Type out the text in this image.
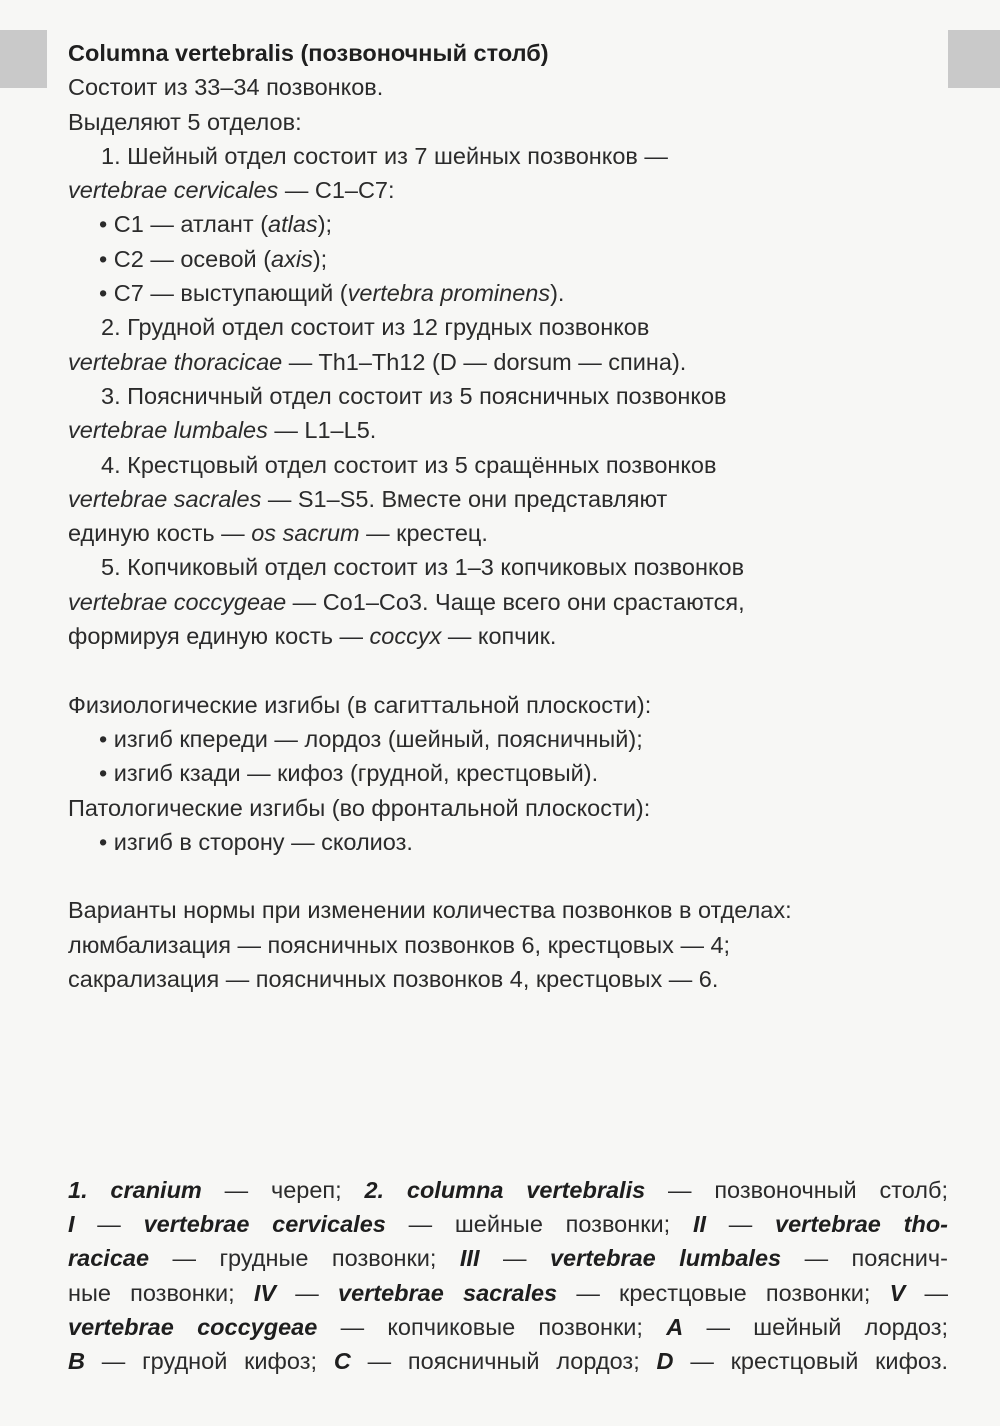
Columna vertebralis (позвоночный столб)

Состоит из 33–34 позвонков.

Выделяют 5 отделов:

1. Шейный отдел состоит из 7 шейных позвонков —

vertebrae cervicales — C1–C7:

• C1 — атлант (atlas);

• C2 — осевой (axis);

• C7 — выступающий (vertebra prominens).

2. Грудной отдел состоит из 12 грудных позвонков

vertebrae thoracicae — Th1–Th12 (D — dorsum — спина).

3. Поясничный отдел состоит из 5 поясничных позвонков

vertebrae lumbales — L1–L5.

4. Крестцовый отдел состоит из 5 сращённых позвонков

vertebrae sacrales — S1–S5. Вместе они представляют

единую кость — os sacrum — крестец.

5. Копчиковый отдел состоит из 1–3 копчиковых позвонков

vertebrae coccygeae — Co1–Co3. Чаще всего они срастаются,

формируя единую кость — coccyx — копчик.

Физиологические изгибы (в сагиттальной плоскости):

• изгиб кпереди — лордоз (шейный, поясничный);

• изгиб кзади — кифоз (грудной, крестцовый).

Патологические изгибы (во фронтальной плоскости):

• изгиб в сторону — сколиоз.

Варианты нормы при изменении количества позвонков в отделах:

люмбализация — поясничных позвонков 6, крестцовых — 4;

сакрализация — поясничных позвонков 4, крестцовых — 6.

1. cranium — череп; 2. columna vertebralis — позвоночный столб;

I — vertebrae cervicales — шейные позвонки; II — vertebrae tho-

racicae — грудные позвонки; III — vertebrae lumbales — пояснич-

ные позвонки; IV — vertebrae sacrales — крестцовые позвонки; V —

vertebrae coccygeae — копчиковые позвонки; A — шейный лордоз;

B — грудной кифоз; C — поясничный лордоз; D — крестцовый кифоз.
